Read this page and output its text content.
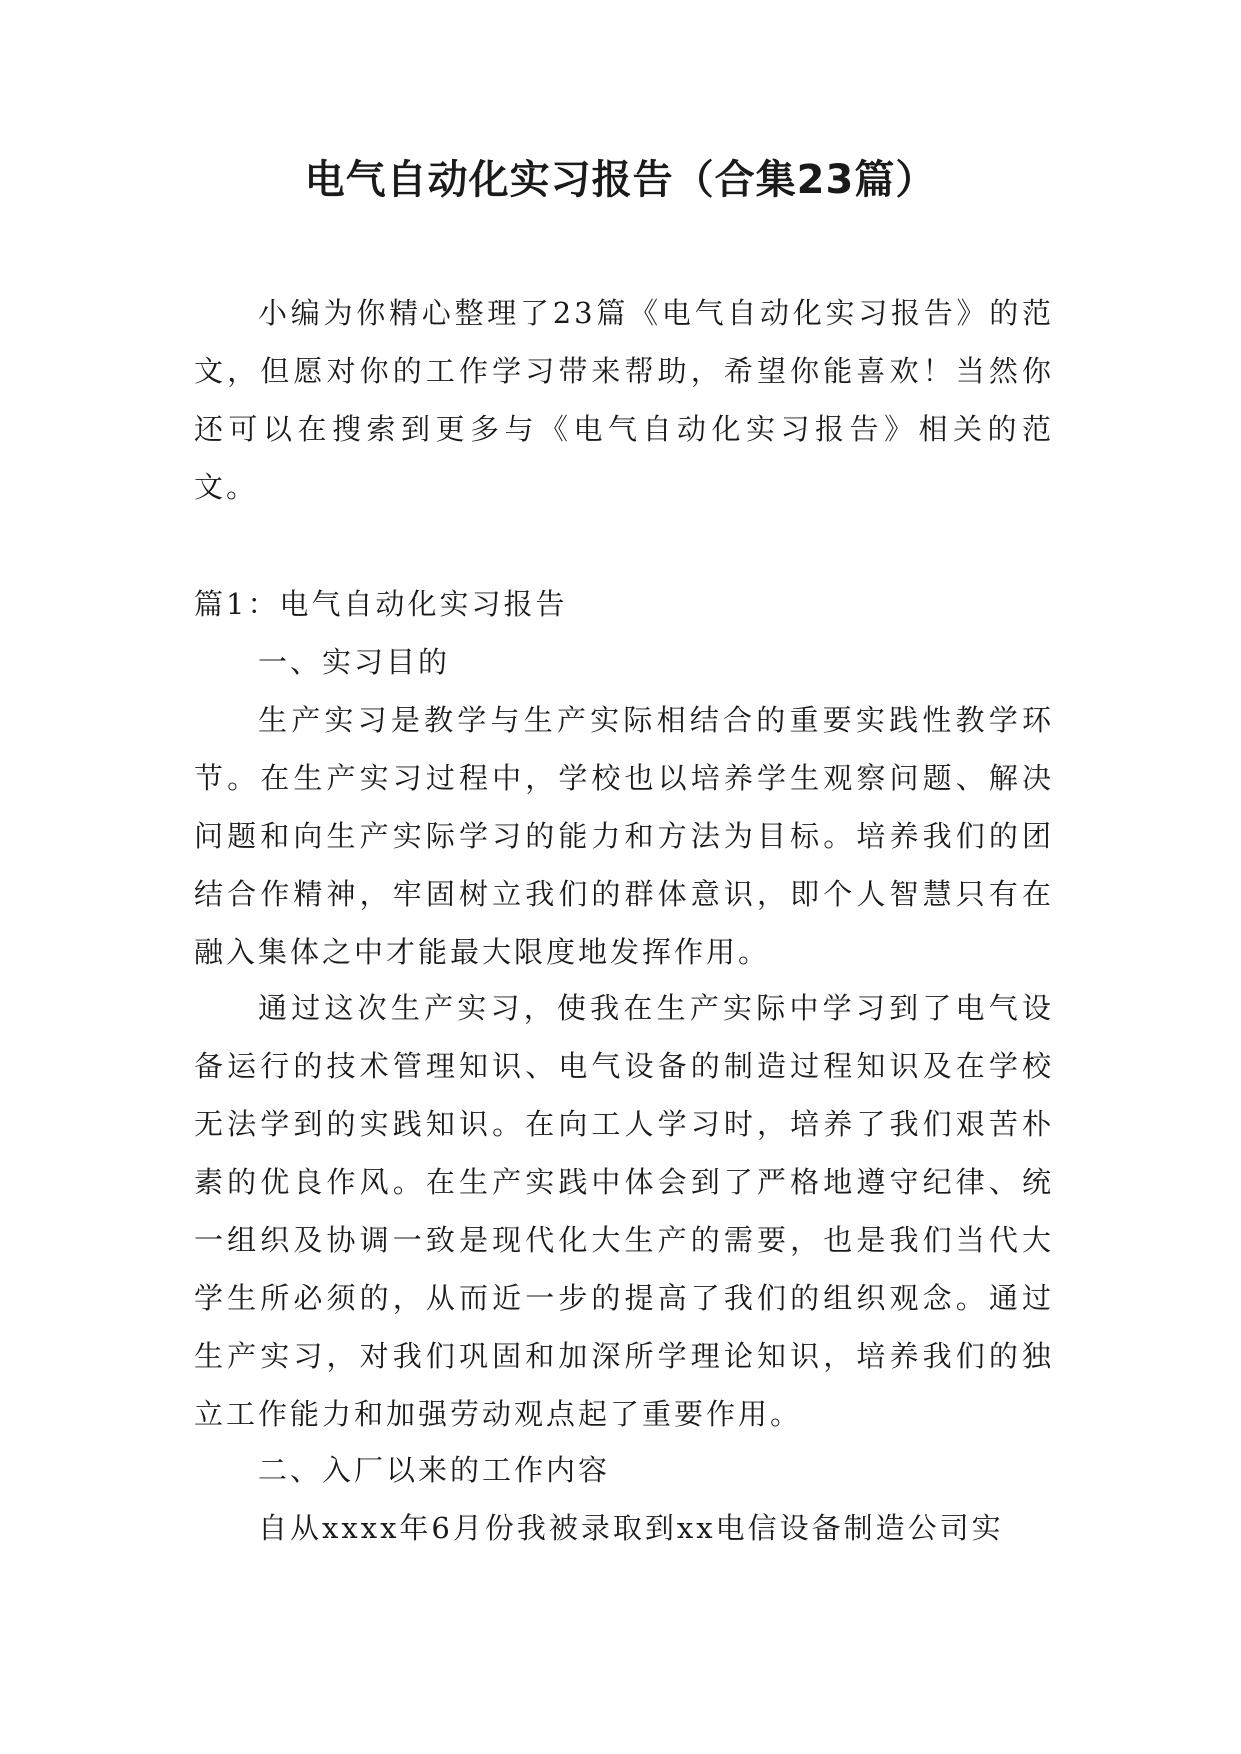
电气自动化实习报告（合集23篇）

小编为你精心整理了23篇《电气自动化实习报告》的范文，但愿对你的工作学习带来帮助，希望你能喜欢！当然你还可以在搜索到更多与《电气自动化实习报告》相关的范文。

篇1：电气自动化实习报告

一、实习目的

生产实习是教学与生产实际相结合的重要实践性教学环节。在生产实习过程中，学校也以培养学生观察问题、解决问题和向生产实际学习的能力和方法为目标。培养我们的团结合作精神，牢固树立我们的群体意识，即个人智慧只有在融入集体之中才能最大限度地发挥作用。

通过这次生产实习，使我在生产实际中学习到了电气设备运行的技术管理知识、电气设备的制造过程知识及在学校无法学到的实践知识。在向工人学习时，培养了我们艰苦朴素的优良作风。在生产实践中体会到了严格地遵守纪律、统一组织及协调一致是现代化大生产的需要，也是我们当代大学生所必须的，从而近一步的提高了我们的组织观念。通过生产实习，对我们巩固和加深所学理论知识，培养我们的独立工作能力和加强劳动观点起了重要作用。

二、入厂以来的工作内容

自从xxxx年6月份我被录取到xx电信设备制造公司实
